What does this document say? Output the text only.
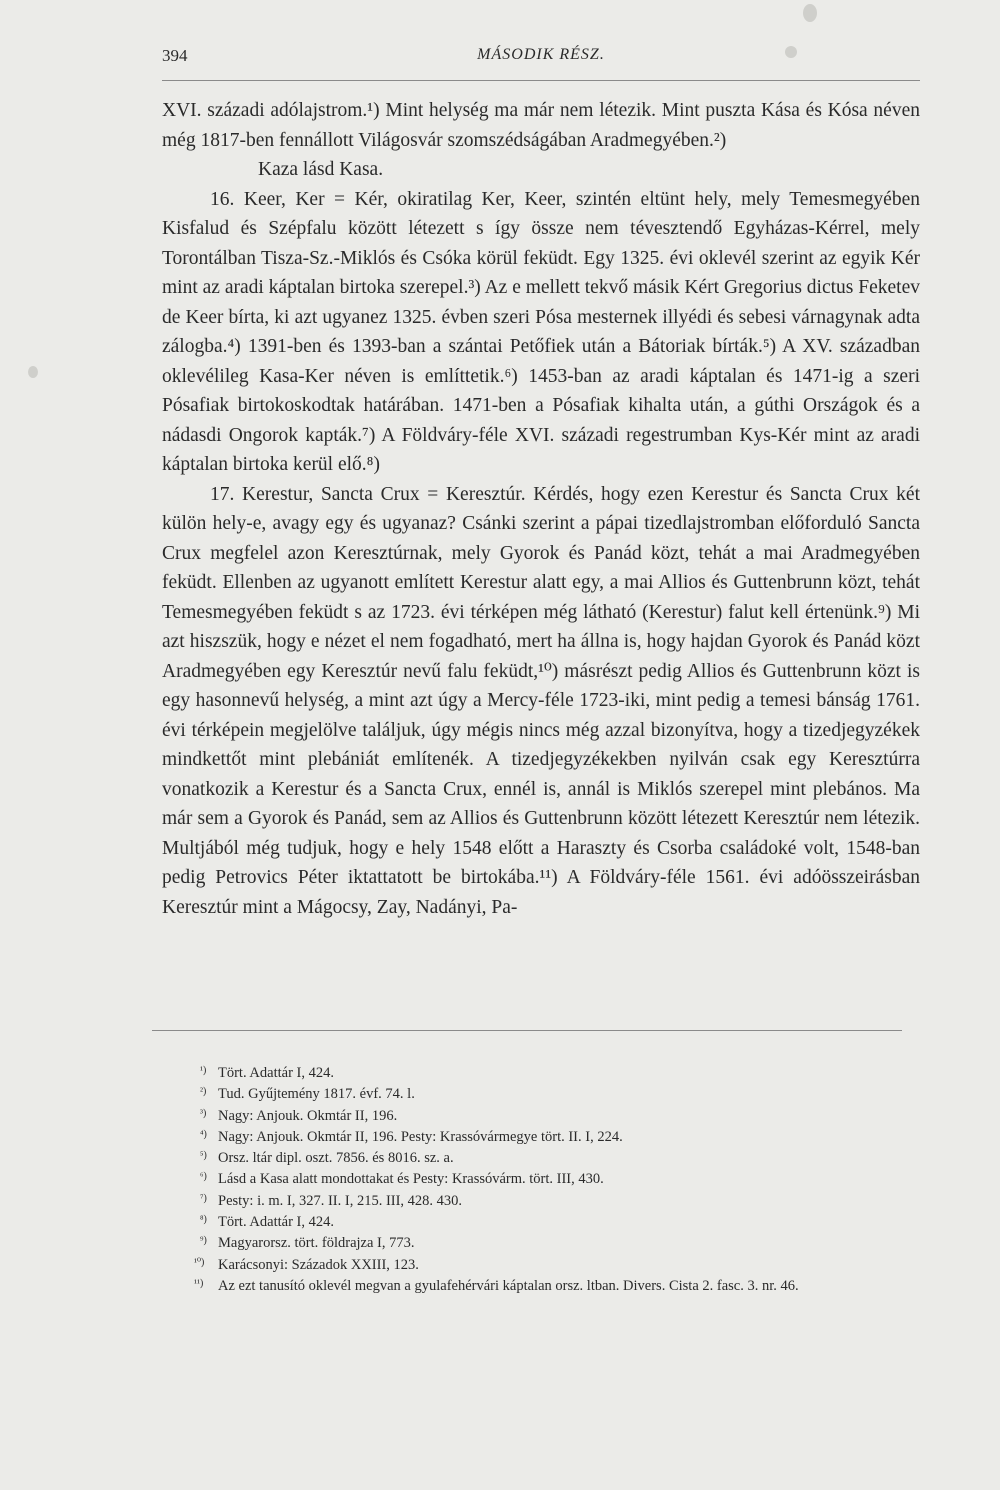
394	MÁSODIK RÉSZ.

XVI. századi adólajstrom.¹) Mint helység ma már nem létezik. Mint puszta Kása és Kósa néven még 1817-ben fennállott Világosvár szomszédságában Aradmegyében.²)

Kaza lásd Kasa.

16. Keer, Ker = Kér, okiratilag Ker, Keer, szintén eltünt hely, mely Temesmegyében Kisfalud és Szépfalu között létezett s így össze nem tévesztendő Egyházas-Kérrel, mely Torontálban Tisza-Sz.-Miklós és Csóka körül feküdt. Egy 1325. évi oklevél szerint az egyik Kér mint az aradi káptalan birtoka szerepel.³) Az e mellett tekvő másik Kért Gregorius dictus Feketev de Keer bírta, ki azt ugyanez 1325. évben szeri Pósa mesternek illyédi és sebesi várnagynak adta zálogba.⁴) 1391-ben és 1393-ban a szántai Petőfiek után a Bátoriak bírták.⁵) A XV. században oklevélileg Kasa-Ker néven is említtetik.⁶) 1453-ban az aradi káptalan és 1471-ig a szeri Pósafiak birtokoskodtak határában. 1471-ben a Pósafiak kihalta után, a gúthi Országok és a nádasdi Ongorok kapták.⁷) A Földváry-féle XVI. századi regestrumban Kys-Kér mint az aradi káptalan birtoka kerül elő.⁸)

17. Kerestur, Sancta Crux = Keresztúr. Kérdés, hogy ezen Kerestur és Sancta Crux két külön hely-e, avagy egy és ugyanaz? Csánki szerint a pápai tizedlajstromban előforduló Sancta Crux megfelel azon Keresztúrnak, mely Gyorok és Panád közt, tehát a mai Aradmegyében feküdt. Ellenben az ugyanott említett Kerestur alatt egy, a mai Allios és Guttenbrunn közt, tehát Temesmegyében feküdt s az 1723. évi térképen még látható (Kerestur) falut kell értenünk.⁹) Mi azt hiszszük, hogy e nézet el nem fogadható, mert ha állna is, hogy hajdan Gyorok és Panád közt Aradmegyében egy Keresztúr nevű falu feküdt,¹⁰) másrészt pedig Allios és Guttenbrunn közt is egy hasonnevű helység, a mint azt úgy a Mercy-féle 1723-iki, mint pedig a temesi bánság 1761. évi térképein megjelölve találjuk, úgy mégis nincs még azzal bizonyítva, hogy a tizedjegyzékek mindkettőt mint plebániát említenék. A tizedjegyzékekben nyilván csak egy Keresztúrra vonatkozik a Kerestur és a Sancta Crux, ennél is, annál is Miklós szerepel mint plebános. Ma már sem a Gyorok és Panád, sem az Allios és Guttenbrunn között létezett Keresztúr nem létezik. Multjából még tudjuk, hogy e hely 1548 előtt a Haraszty és Csorba családoké volt, 1548-ban pedig Petrovics Péter iktattatott be birtokába.¹¹) A Földváry-féle 1561. évi adóösszeirásban Keresztúr mint a Mágocsy, Zay, Nadányi, Pa-

¹) Tört. Adattár I, 424.
²) Tud. Gyűjtemény 1817. évf. 74. l.
³) Nagy: Anjouk. Okmtár II, 196.
⁴) Nagy: Anjouk. Okmtár II, 196. Pesty: Krassóvármegye tört. II. I, 224.
⁵) Orsz. ltár dipl. oszt. 7856. és 8016. sz. a.
⁶) Lásd a Kasa alatt mondottakat és Pesty: Krassóvárm. tört. III, 430.
⁷) Pesty: i. m. I, 327. II. I, 215. III, 428. 430.
⁸) Tört. Adattár I, 424.
⁹) Magyarorsz. tört. földrajza I, 773.
¹⁰) Karácsonyi: Századok XXIII, 123.
¹¹) Az ezt tanusító oklevél megvan a gyulafehérvári káptalan orsz. ltban. Divers. Cista 2. fasc. 3. nr. 46.
